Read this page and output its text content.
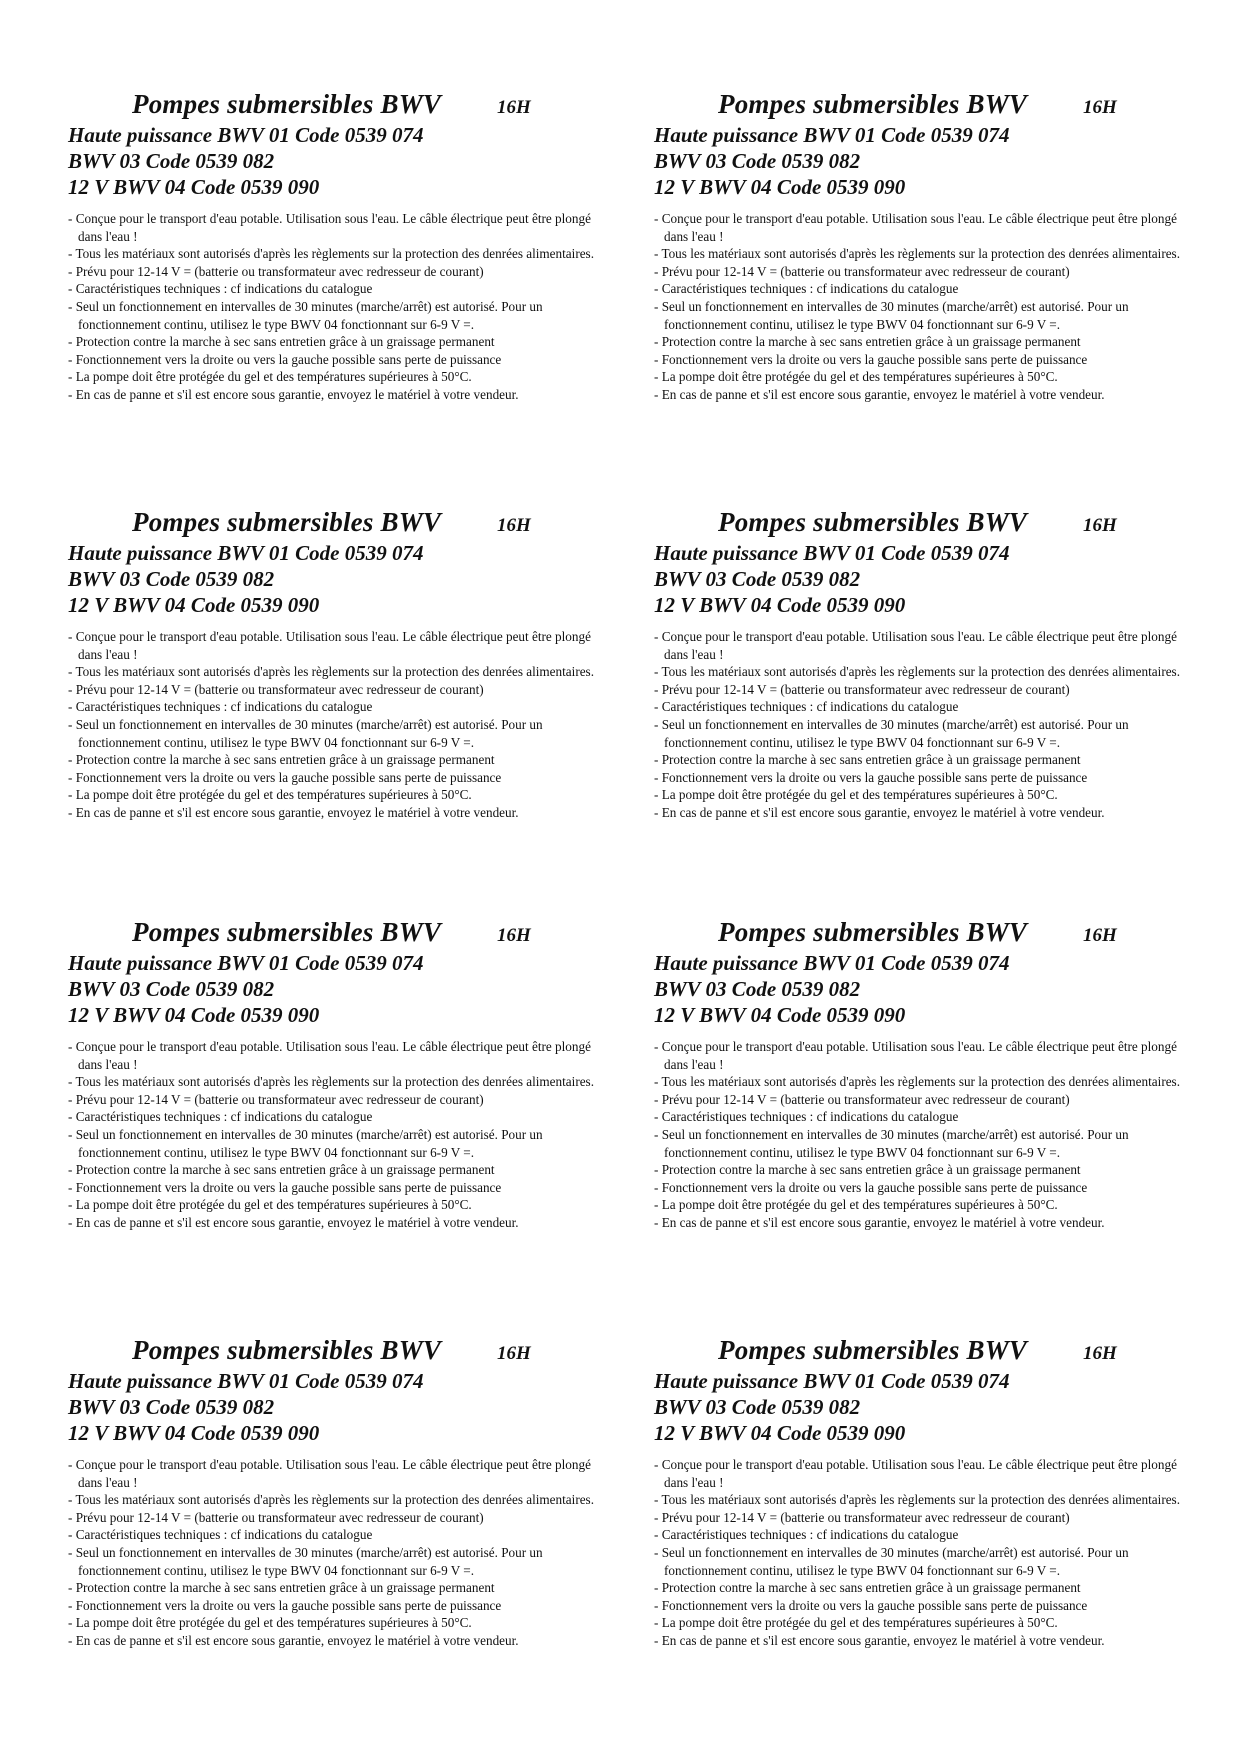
Pompes submersibles BWV	16H
Haute puissance BWV 01 Code 0539 074
BWV 03 Code 0539 082
12 V BWV 04 Code 0539 090
- Conçue pour le transport d'eau potable. Utilisation sous l'eau. Le câble électrique peut être plongé dans l'eau !
- Tous les matériaux sont autorisés d'après les règlements sur la protection des denrées alimentaires.
- Prévu pour 12-14 V = (batterie ou transformateur avec redresseur de courant)
- Caractéristiques techniques : cf indications du catalogue
- Seul un fonctionnement en intervalles de 30 minutes (marche/arrêt) est autorisé. Pour un fonctionnement continu, utilisez le type BWV 04 fonctionnant sur 6-9 V =.
- Protection contre la marche à sec sans entretien grâce à un graissage permanent
- Fonctionnement vers la droite ou vers la gauche possible sans perte de puissance
- La pompe doit être protégée du gel et des températures supérieures à 50°C.
- En cas de panne et s'il est encore sous garantie, envoyez le matériel à votre vendeur.
Pompes submersibles BWV	16H
Haute puissance BWV 01 Code 0539 074
BWV 03 Code 0539 082
12 V BWV 04 Code 0539 090
- Conçue pour le transport d'eau potable. Utilisation sous l'eau. Le câble électrique peut être plongé dans l'eau !
- Tous les matériaux sont autorisés d'après les règlements sur la protection des denrées alimentaires.
- Prévu pour 12-14 V = (batterie ou transformateur avec redresseur de courant)
- Caractéristiques techniques : cf indications du catalogue
- Seul un fonctionnement en intervalles de 30 minutes (marche/arrêt) est autorisé. Pour un fonctionnement continu, utilisez le type BWV 04 fonctionnant sur 6-9 V =.
- Protection contre la marche à sec sans entretien grâce à un graissage permanent
- Fonctionnement vers la droite ou vers la gauche possible sans perte de puissance
- La pompe doit être protégée du gel et des températures supérieures à 50°C.
- En cas de panne et s'il est encore sous garantie, envoyez le matériel à votre vendeur.
Pompes submersibles BWV	16H
Haute puissance BWV 01 Code 0539 074
BWV 03 Code 0539 082
12 V BWV 04 Code 0539 090
- Conçue pour le transport d'eau potable. Utilisation sous l'eau. Le câble électrique peut être plongé dans l'eau !
- Tous les matériaux sont autorisés d'après les règlements sur la protection des denrées alimentaires.
- Prévu pour 12-14 V = (batterie ou transformateur avec redresseur de courant)
- Caractéristiques techniques : cf indications du catalogue
- Seul un fonctionnement en intervalles de 30 minutes (marche/arrêt) est autorisé. Pour un fonctionnement continu, utilisez le type BWV 04 fonctionnant sur 6-9 V =.
- Protection contre la marche à sec sans entretien grâce à un graissage permanent
- Fonctionnement vers la droite ou vers la gauche possible sans perte de puissance
- La pompe doit être protégée du gel et des températures supérieures à 50°C.
- En cas de panne et s'il est encore sous garantie, envoyez le matériel à votre vendeur.
Pompes submersibles BWV	16H
Haute puissance BWV 01 Code 0539 074
BWV 03 Code 0539 082
12 V BWV 04 Code 0539 090
- Conçue pour le transport d'eau potable. Utilisation sous l'eau. Le câble électrique peut être plongé dans l'eau !
- Tous les matériaux sont autorisés d'après les règlements sur la protection des denrées alimentaires.
- Prévu pour 12-14 V = (batterie ou transformateur avec redresseur de courant)
- Caractéristiques techniques : cf indications du catalogue
- Seul un fonctionnement en intervalles de 30 minutes (marche/arrêt) est autorisé. Pour un fonctionnement continu, utilisez le type BWV 04 fonctionnant sur 6-9 V =.
- Protection contre la marche à sec sans entretien grâce à un graissage permanent
- Fonctionnement vers la droite ou vers la gauche possible sans perte de puissance
- La pompe doit être protégée du gel et des températures supérieures à 50°C.
- En cas de panne et s'il est encore sous garantie, envoyez le matériel à votre vendeur.
Pompes submersibles BWV	16H
Haute puissance BWV 01 Code 0539 074
BWV 03 Code 0539 082
12 V BWV 04 Code 0539 090
- Conçue pour le transport d'eau potable. Utilisation sous l'eau. Le câble électrique peut être plongé dans l'eau !
- Tous les matériaux sont autorisés d'après les règlements sur la protection des denrées alimentaires.
- Prévu pour 12-14 V = (batterie ou transformateur avec redresseur de courant)
- Caractéristiques techniques : cf indications du catalogue
- Seul un fonctionnement en intervalles de 30 minutes (marche/arrêt) est autorisé. Pour un fonctionnement continu, utilisez le type BWV 04 fonctionnant sur 6-9 V =.
- Protection contre la marche à sec sans entretien grâce à un graissage permanent
- Fonctionnement vers la droite ou vers la gauche possible sans perte de puissance
- La pompe doit être protégée du gel et des températures supérieures à 50°C.
- En cas de panne et s'il est encore sous garantie, envoyez le matériel à votre vendeur.
Pompes submersibles BWV	16H
Haute puissance BWV 01 Code 0539 074
BWV 03 Code 0539 082
12 V BWV 04 Code 0539 090
- Conçue pour le transport d'eau potable. Utilisation sous l'eau. Le câble électrique peut être plongé dans l'eau !
- Tous les matériaux sont autorisés d'après les règlements sur la protection des denrées alimentaires.
- Prévu pour 12-14 V = (batterie ou transformateur avec redresseur de courant)
- Caractéristiques techniques : cf indications du catalogue
- Seul un fonctionnement en intervalles de 30 minutes (marche/arrêt) est autorisé. Pour un fonctionnement continu, utilisez le type BWV 04 fonctionnant sur 6-9 V =.
- Protection contre la marche à sec sans entretien grâce à un graissage permanent
- Fonctionnement vers la droite ou vers la gauche possible sans perte de puissance
- La pompe doit être protégée du gel et des températures supérieures à 50°C.
- En cas de panne et s'il est encore sous garantie, envoyez le matériel à votre vendeur.
Pompes submersibles BWV	16H
Haute puissance BWV 01 Code 0539 074
BWV 03 Code 0539 082
12 V BWV 04 Code 0539 090
- Conçue pour le transport d'eau potable. Utilisation sous l'eau. Le câble électrique peut être plongé dans l'eau !
- Tous les matériaux sont autorisés d'après les règlements sur la protection des denrées alimentaires.
- Prévu pour 12-14 V = (batterie ou transformateur avec redresseur de courant)
- Caractéristiques techniques : cf indications du catalogue
- Seul un fonctionnement en intervalles de 30 minutes (marche/arrêt) est autorisé. Pour un fonctionnement continu, utilisez le type BWV 04 fonctionnant sur 6-9 V =.
- Protection contre la marche à sec sans entretien grâce à un graissage permanent
- Fonctionnement vers la droite ou vers la gauche possible sans perte de puissance
- La pompe doit être protégée du gel et des températures supérieures à 50°C.
- En cas de panne et s'il est encore sous garantie, envoyez le matériel à votre vendeur.
Pompes submersibles BWV	16H
Haute puissance BWV 01 Code 0539 074
BWV 03 Code 0539 082
12 V BWV 04 Code 0539 090
- Conçue pour le transport d'eau potable. Utilisation sous l'eau. Le câble électrique peut être plongé dans l'eau !
- Tous les matériaux sont autorisés d'après les règlements sur la protection des denrées alimentaires.
- Prévu pour 12-14 V = (batterie ou transformateur avec redresseur de courant)
- Caractéristiques techniques : cf indications du catalogue
- Seul un fonctionnement en intervalles de 30 minutes (marche/arrêt) est autorisé. Pour un fonctionnement continu, utilisez le type BWV 04 fonctionnant sur 6-9 V =.
- Protection contre la marche à sec sans entretien grâce à un graissage permanent
- Fonctionnement vers la droite ou vers la gauche possible sans perte de puissance
- La pompe doit être protégée du gel et des températures supérieures à 50°C.
- En cas de panne et s'il est encore sous garantie, envoyez le matériel à votre vendeur.
